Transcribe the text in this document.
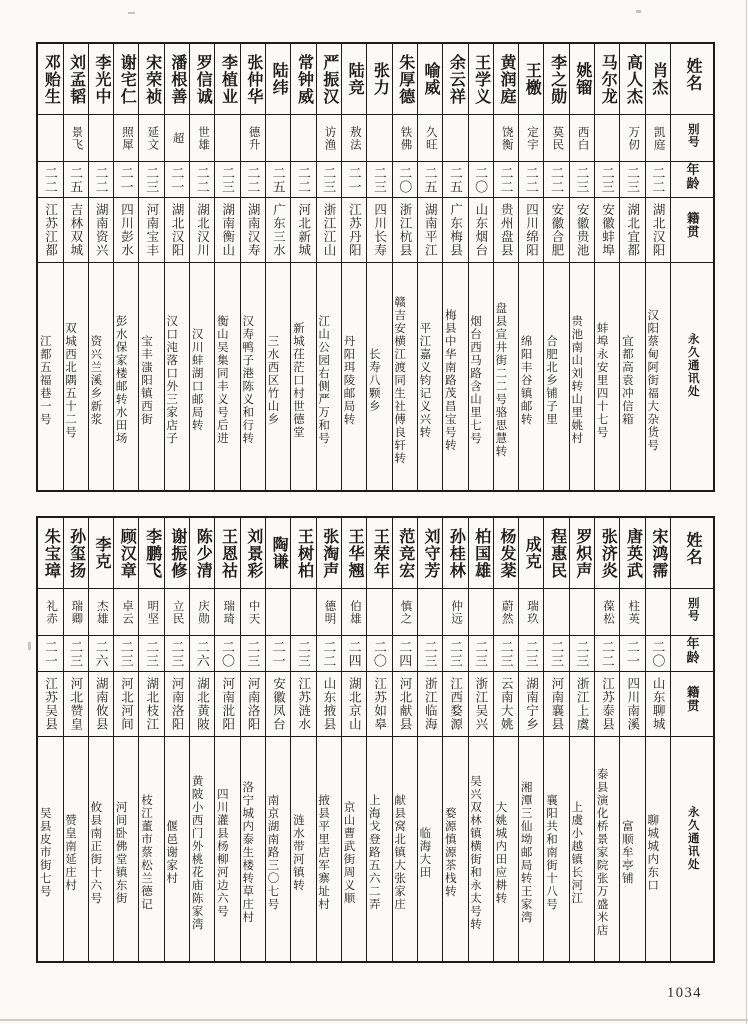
姓名
别号
年龄
籍贯
永久通讯处
肖杰
凯庭
二二
湖北汉阳
汉阳蔡甸阿街福大杂货号
高人杰
万仞
二三
湖北宜都
宜都高袁冲信箱
马尔龙
二三
安徽蚌埠
蚌埠永安里四十七号
姚镏
西白
二三
安徽贵池
贵池南山刘转山里姚村
李之勋
莫民
二二
安徽合肥
合肥北乡铺子里
王檄
定宇
二二
四川绵阳
绵阳丰谷镇邮转
黄润庭
饶衡
二二
贵州盘县
盘县宣井街二二号骆思慧转
王学义
二〇
山东烟台
烟台西马路含山里七号
余云祥
二五
广东梅县
梅县中华南路茂昌宝号转
喻威
久旺
二五
湖南平江
平江嘉义钧记义兴转
朱厚德
铁佛
二〇
浙江杭县
赣吉安横江渡同生社傅良轩转
张力
二三
四川长寿
长寿八颗乡
陆竞
敖法
二一
江苏丹阳
丹阳珥陵邮局转
严振汉
访渔
二三
浙江江山
江山公园右侧严万和号
常钟威
二二
河北新城
新城茌茫口村世德堂
陆纬
二五
广东三水
三水西区竹山乡
张仲华
德升
二二
湖南汉寿
汉寿鸭子港陈义和行转
李植业
二三
湖南衡山
衡山吴集同丰义号后进
罗信诚
世雄
二二
湖北汉川
汉川蚌湖口邮局转
潘根善
超
二一
湖北汉阳
汉口沌落口外三家店子
宋荣祯
延文
二三
河南宝丰
宝丰滍阳镇西街
谢宅仁
照犀
二一
四川彭水
彭水保家楼邮转水田场
李光中
二二
湖南资兴
资兴兰溪乡新浆
刘孟韬
景飞
二五
吉林双城
双城西北隅五十二号
邓贻生
二二
江苏江都
江都五福巷一号
姓名
别号
年龄
籍贯
永久通讯处
宋鸿霈
二〇
山东聊城
聊城城内东口
唐英武
柱英
二一
四川南溪
富顺牟亭铺
张济炎
葆松
二二
江苏泰县
泰县演化桥景家院张万盛米店
罗炽声
二三
浙江上虞
上虞小越镇长河江
程惠民
二三
河南襄县
襄阳共和南街十八号
成克
瑞玖
二三
湖南宁乡
湘潭三仙坳邮局转王家湾
杨发棻
蔚然
二三
云南大姚
大姚城内田应耕转
柏国雄
二三
浙江吴兴
吴兴双林镇横街和永太号转
孙桂林
仲远
二三
江西婺源
婺源慎源茶栈转
刘守芳
二三
浙江临海
临海大田
范竞宏
慎之
二四
河北献县
献县窝北镇大张家庄
王荣年
二〇
江苏如皋
上海戈登路五六二弄
王华翘
伯雄
二四
湖北京山
京山曹武街周义顺
张淘声
德明
二二
山东掖县
掖县平里店军寨址村
王树柏
二三
江苏涟水
涟水带河镇转
陶谦
二一
安徽凤台
南京湖南路三〇七号
刘景彩
中天
二三
河南洛阳
洛宁城内泰生楼转草庄村
王恩祜
瑞琦
二〇
河南沘阳
四川灌县杨柳河边六号
陈少清
庆勋
二六
湖北黄陂
黄陂小西门外桃花庙陈家湾
谢振修
立民
二三
河南洛阳
偃邑谢家村
李鹏飞
明坚
二三
湖北枝江
枝江董市蔡松兰德记
顾汉章
卓云
二三
河北河间
河间卧佛堂镇东街
李克
杰雄
二六
湖南攸县
攸县南正街十六号
孙玺扬
瑞卿
二三
河北赞皇
赞皇南延庄村
朱宝璋
礼赤
二一
江苏吴县
吴县皮市街七号
1034
